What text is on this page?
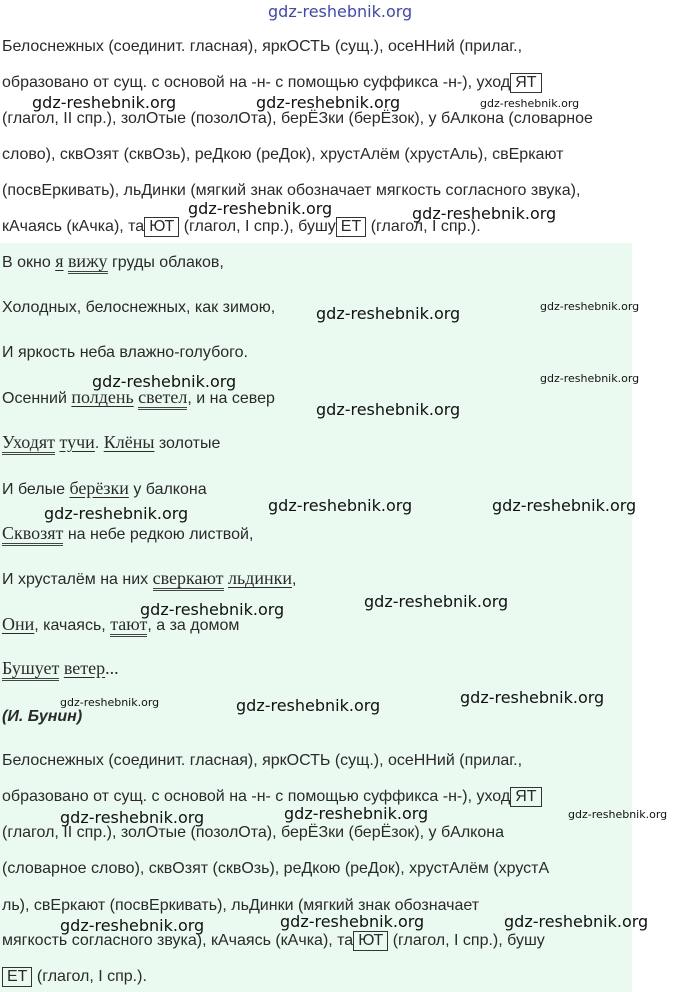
gdz-reshebnik.org
Белоснежных (соединит. гласная), яркОСТЬ (сущ.), осеННий (прилаг.,
образовано от сущ. с основой на -н- с помощью суффикса -н-), уход ЯТ
(глагол, II спр.), золОтые (позолОта), берЁЗки (берЁзок), у бАлкона (словарное
слово), сквОзят (сквОзь), реДкою (реДок), хрустАлём (хрустАль), свЕркают
(посвЕркивать), льДинки (мягкий знак обозначает мягкость согласного звука),
кАчаясь (кАчка), та ЮТ (глагол, I спр.), бушу ЕТ (глагол, I спр.).
В окно я вижу груды облаков,
Холодных, белоснежных, как зимою,
И яркость неба влажно-голубого.
Осенний полдень светел, и на север
Уходят тучи. Клёны золотые
И белые берёзки у балкона
Сквозят на небе редкою листвой,
И хрусталём на них сверкают льдинки,
Они, качаясь, тают, а за домом
Бушует ветер...
(И. Бунин)
Белоснежных (соединит. гласная), яркОСТЬ (сущ.), осеННий (прилаг.,
образовано от сущ. с основой на -н- с помощью суффикса -н-), уход ЯТ
(глагол, II спр.), золОтые (позолОта), берЁЗки (берЁзок), у бАлкона
(словарное слово), сквОзят (сквОзь), реДкою (реДок), хрустАлём (хрустА
ль), свЕркают (посвЕркивать), льДинки (мягкий знак обозначает
мягкость согласного звука), кАчаясь (кАчка), та ЮТ (глагол, I спр.), бушу
ЕТ (глагол, I спр.).
gdz-reshebnik.org	gdz-reshebnik.org	gdz-reshebnik.org
gdz-reshebnik.org	gdz-reshebnik.org
gdz-reshebnik.org	gdz-reshebnik.org
gdz-reshebnik.org	gdz-reshebnik.org
gdz-reshebnik.org
gdz-reshebnik.org	gdz-reshebnik.org
gdz-reshebnik.org
gdz-reshebnik.org
gdz-reshebnik.org
gdz-reshebnik.org
gdz-reshebnik.org	gdz-reshebnik.org
gdz-reshebnik.org	gdz-reshebnik.org
gdz-reshebnik.org
gdz-reshebnik.org	gdz-reshebnik.org	gdz-reshebnik.org
